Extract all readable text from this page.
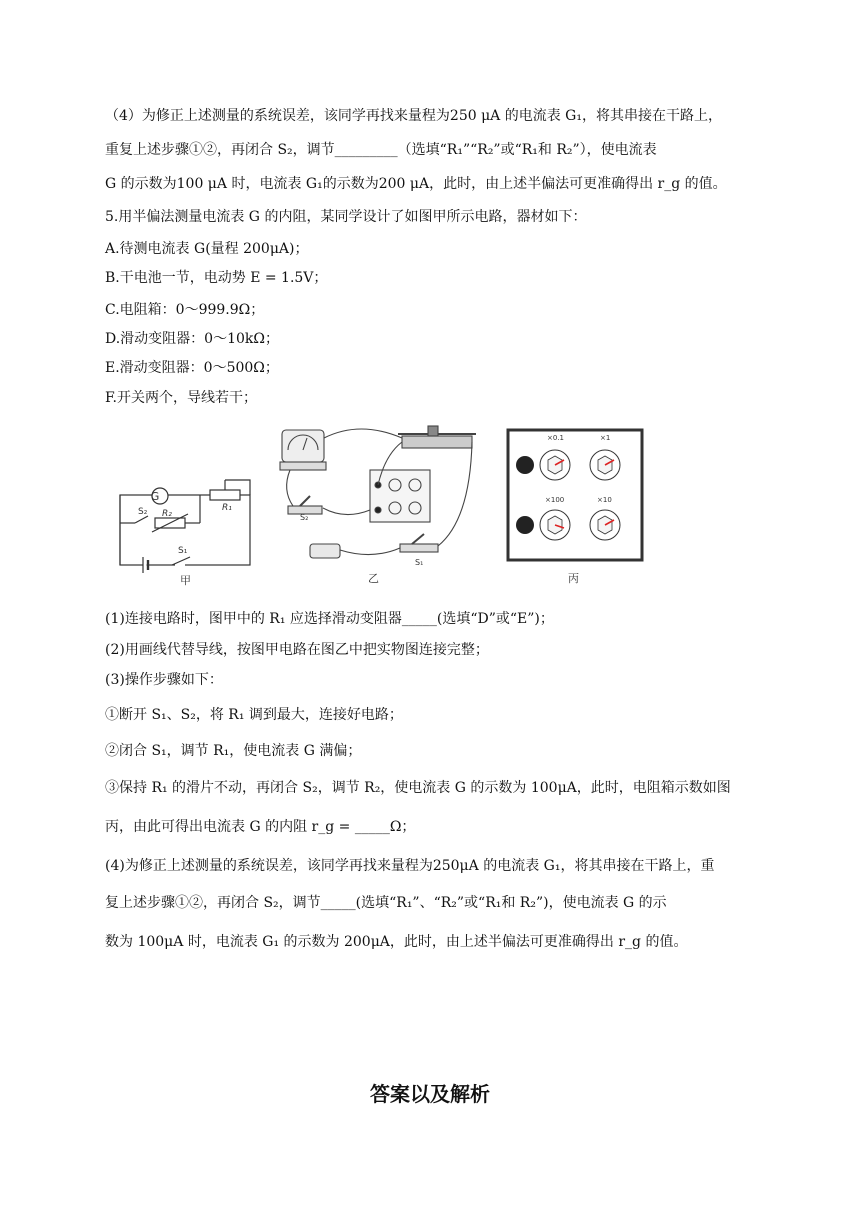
（4）为修正上述测量的系统误差，该同学再找来量程为250 μA 的电流表 G₁，将其串接在干路上，
重复上述步骤①②，再闭合 S₂，调节_________（选填“R₁”“R₂”或“R₁和 R₂”），使电流表
G 的示数为100 μA 时，电流表 G₁的示数为200 μA，此时，由上述半偏法可更准确得出 r_g 的值。
5.用半偏法测量电流表 G 的内阻，某同学设计了如图甲所示电路，器材如下：
A.待测电流表 G(量程 200μA)；
B.干电池一节，电动势 E = 1.5V；
C.电阻箱：0～999.9Ω；
D.滑动变阻器：0～10kΩ；
E.滑动变阻器：0～500Ω；
F.开关两个，导线若干；
G
R₁
R₂
S₂
S₁
甲
S₂
S₁
乙
×0.1	×1
×100	×10
丙
(1)连接电路时，图甲中的 R₁ 应选择滑动变阻器_____(选填“D”或“E”)；
(2)用画线代替导线，按图甲电路在图乙中把实物图连接完整；
(3)操作步骤如下：
①断开 S₁、S₂，将 R₁ 调到最大，连接好电路；
②闭合 S₁，调节 R₁，使电流表 G 满偏；
③保持 R₁ 的滑片不动，再闭合 S₂，调节 R₂，使电流表 G 的示数为 100μA，此时，电阻箱示数如图
丙，由此可得出电流表 G 的内阻 r_g = _____Ω；
(4)为修正上述测量的系统误差，该同学再找来量程为250μA 的电流表 G₁，将其串接在干路上，重
复上述步骤①②，再闭合 S₂，调节_____(选填“R₁”、“R₂”或“R₁和 R₂”)，使电流表 G 的示
数为 100μA 时，电流表 G₁ 的示数为 200μA，此时，由上述半偏法可更准确得出 r_g 的值。
答案以及解析
